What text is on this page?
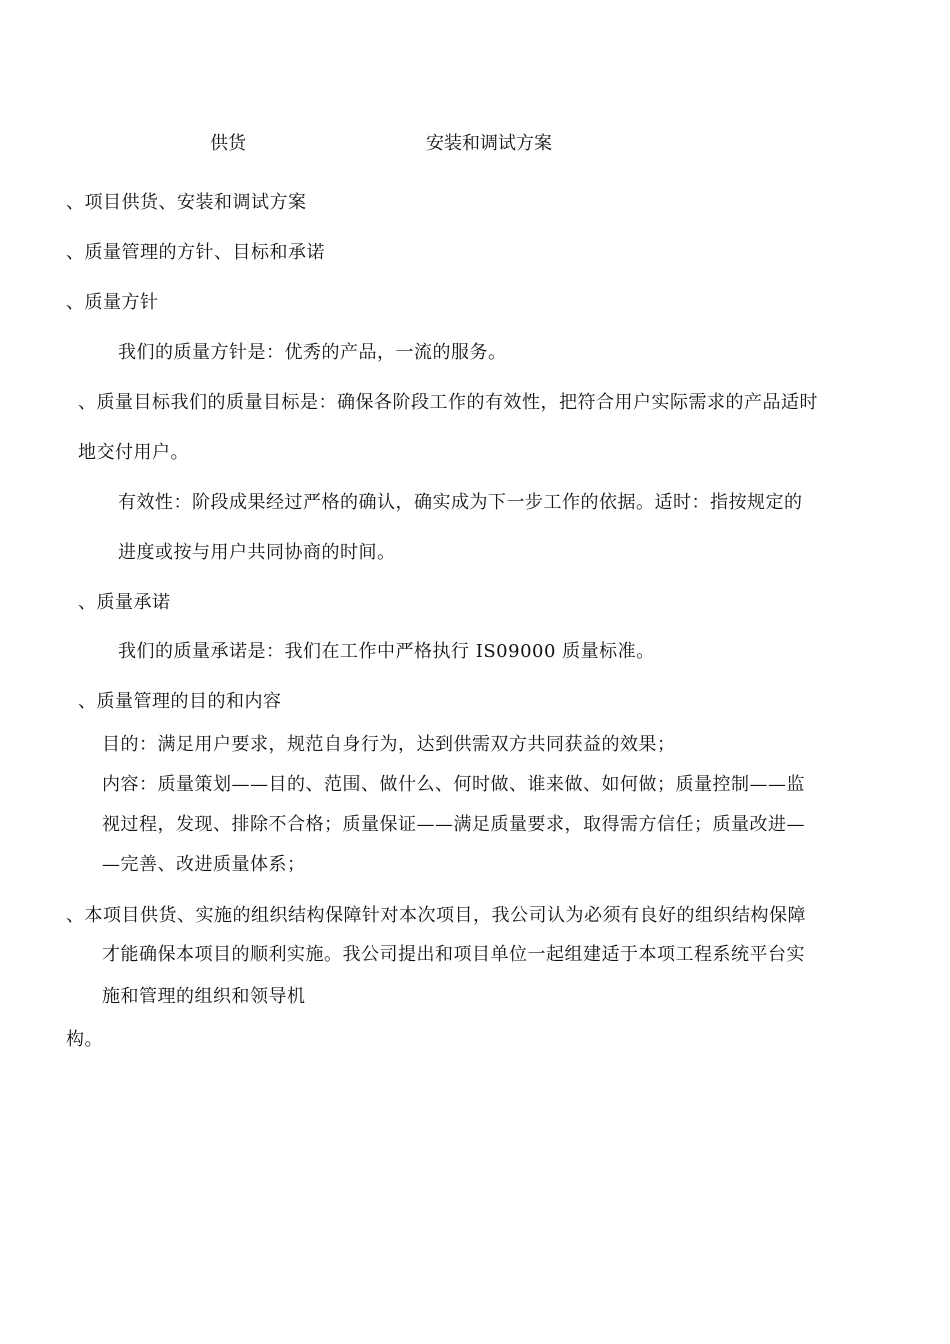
供货	安装和调试方案
、项目供货、安装和调试方案
、质量管理的方针、目标和承诺
、质量方针
我们的质量方针是：优秀的产品，一流的服务。
、质量目标我们的质量目标是：确保各阶段工作的有效性，把符合用户实际需求的产品适时
地交付用户。
有效性：阶段成果经过严格的确认，确实成为下一步工作的依据。适时：指按规定的
进度或按与用户共同协商的时间。
、质量承诺
我们的质量承诺是：我们在工作中严格执行 IS09000 质量标准。
、质量管理的目的和内容
目的：满足用户要求，规范自身行为，达到供需双方共同获益的效果；
内容：质量策划——目的、范围、做什么、何时做、谁来做、如何做；质量控制——监
视过程，发现、排除不合格；质量保证——满足质量要求，取得需方信任；质量改进—
—完善、改进质量体系；
、本项目供货、实施的组织结构保障针对本次项目，我公司认为必须有良好的组织结构保障
才能确保本项目的顺利实施。我公司提出和项目单位一起组建适于本项工程系统平台实
施和管理的组织和领导机
构。
